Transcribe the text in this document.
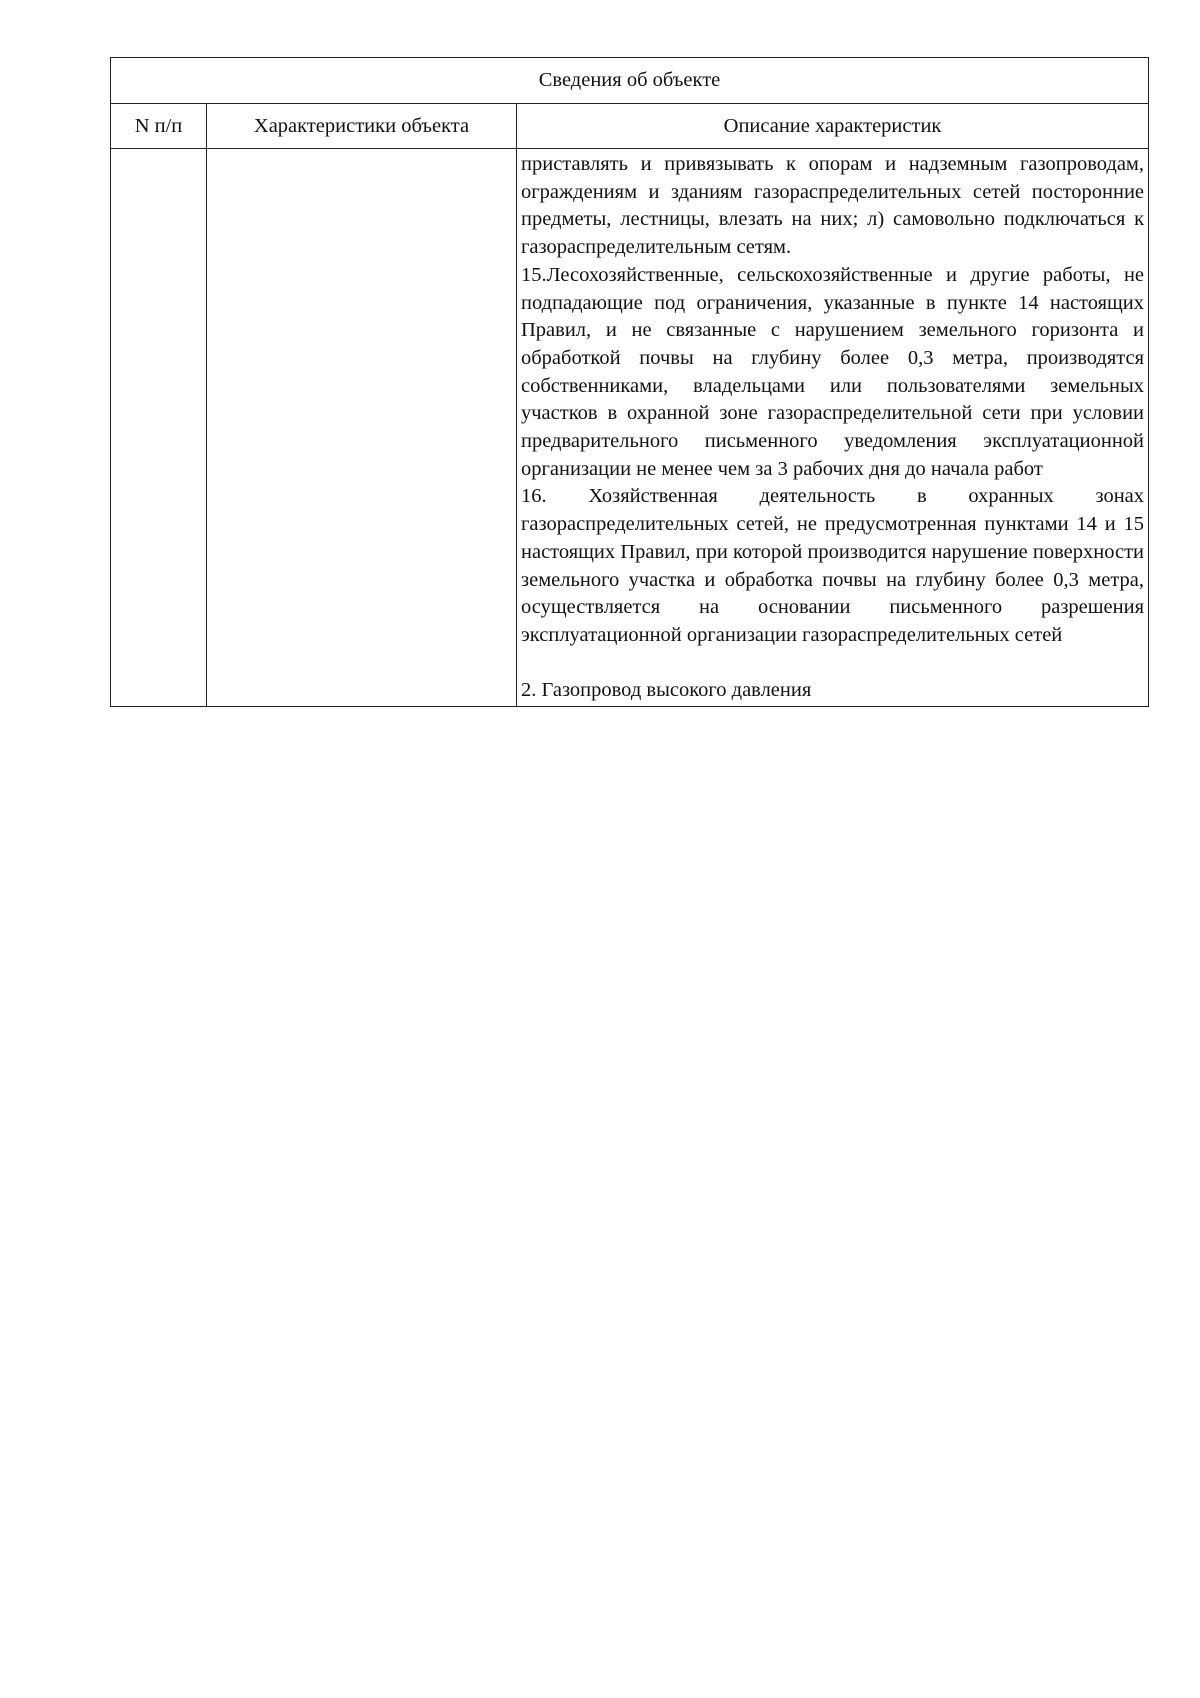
Сведения об объекте		
N п/п	Характеристики объекта	Описание характеристик

		приставлять и привязывать к опорам и надземным газопроводам, ограждениям и зданиям газораспределительных сетей посторонние предметы, лестницы, влезать на них; л) самовольно подключаться к газораспределительным сетям.

15.Лесохозяйственные, сельскохозяйственные и другие работы, не подпадающие под ограничения, указанные в пункте 14 настоящих Правил, и не связанные с нарушением земельного горизонта и обработкой почвы на глубину более 0,3 метра, производятся собственниками, владельцами или пользователями земельных участков в охранной зоне газораспределительной сети при условии предварительного письменного уведомления эксплуатационной организации не менее чем за 3 рабочих дня до начала работ

16. Хозяйственная деятельность в охранных зонах газораспределительных сетей, не предусмотренная пунктами 14 и 15 настоящих Правил, при которой производится нарушение поверхности земельного участка и обработка почвы на глубину более 0,3 метра, осуществляется на основании письменного разрешения эксплуатационной организации газораспределительных сетей

2. Газопровод высокого давления
